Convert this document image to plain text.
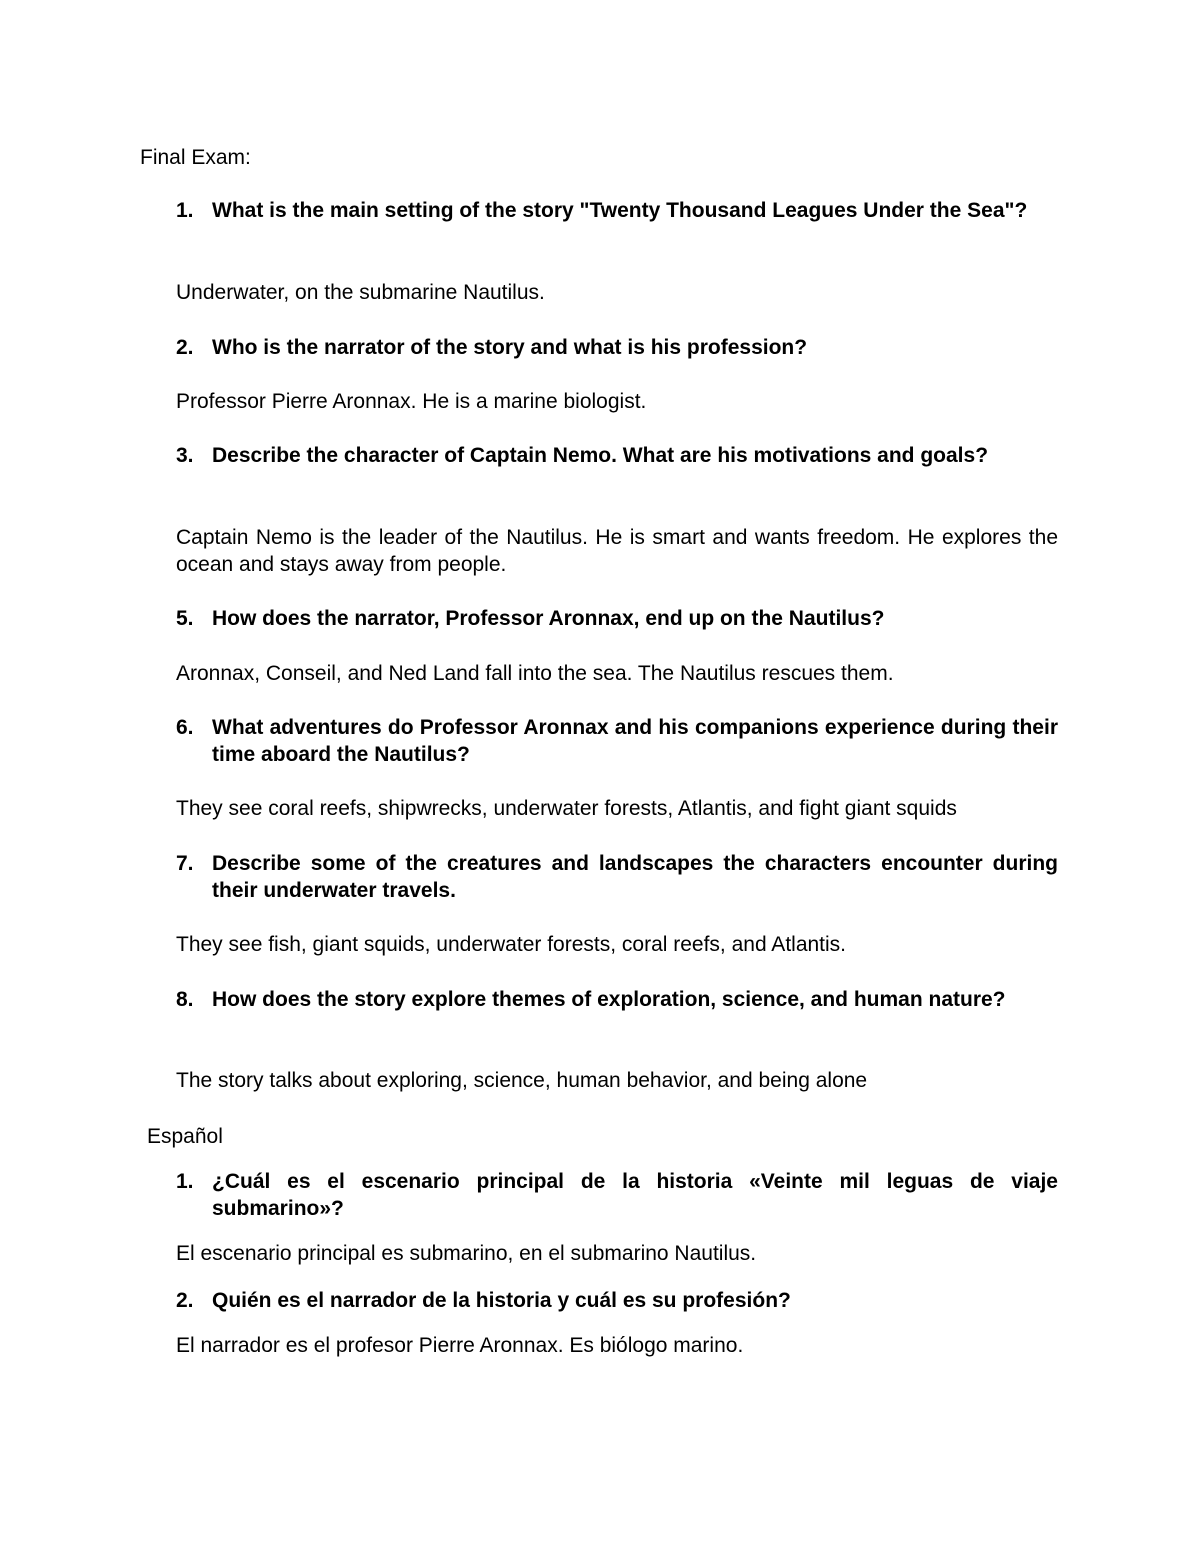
Final Exam:
1. What is the main setting of the story "Twenty Thousand Leagues Under the Sea"?

Underwater, on the submarine Nautilus.

2. Who is the narrator of the story and what is his profession?

Professor Pierre Aronnax. He is a marine biologist.

3. Describe the character of Captain Nemo. What are his motivations and goals?

Captain Nemo is the leader of the Nautilus. He is smart and wants freedom. He explores the ocean and stays away from people.

5. How does the narrator, Professor Aronnax, end up on the Nautilus?

Aronnax, Conseil, and Ned Land fall into the sea. The Nautilus rescues them.

6. What adventures do Professor Aronnax and his companions experience during their time aboard the Nautilus?

They see coral reefs, shipwrecks, underwater forests, Atlantis, and fight giant squids

7. Describe some of the creatures and landscapes the characters encounter during their underwater travels.

They see fish, giant squids, underwater forests, coral reefs, and Atlantis.

8. How does the story explore themes of exploration, science, and human nature?

The story talks about exploring, science, human behavior, and being alone

Español
1. ¿Cuál es el escenario principal de la historia «Veinte mil leguas de viaje submarino»?

El escenario principal es submarino, en el submarino Nautilus.

2. Quién es el narrador de la historia y cuál es su profesión?

El narrador es el profesor Pierre Aronnax. Es biólogo marino.
